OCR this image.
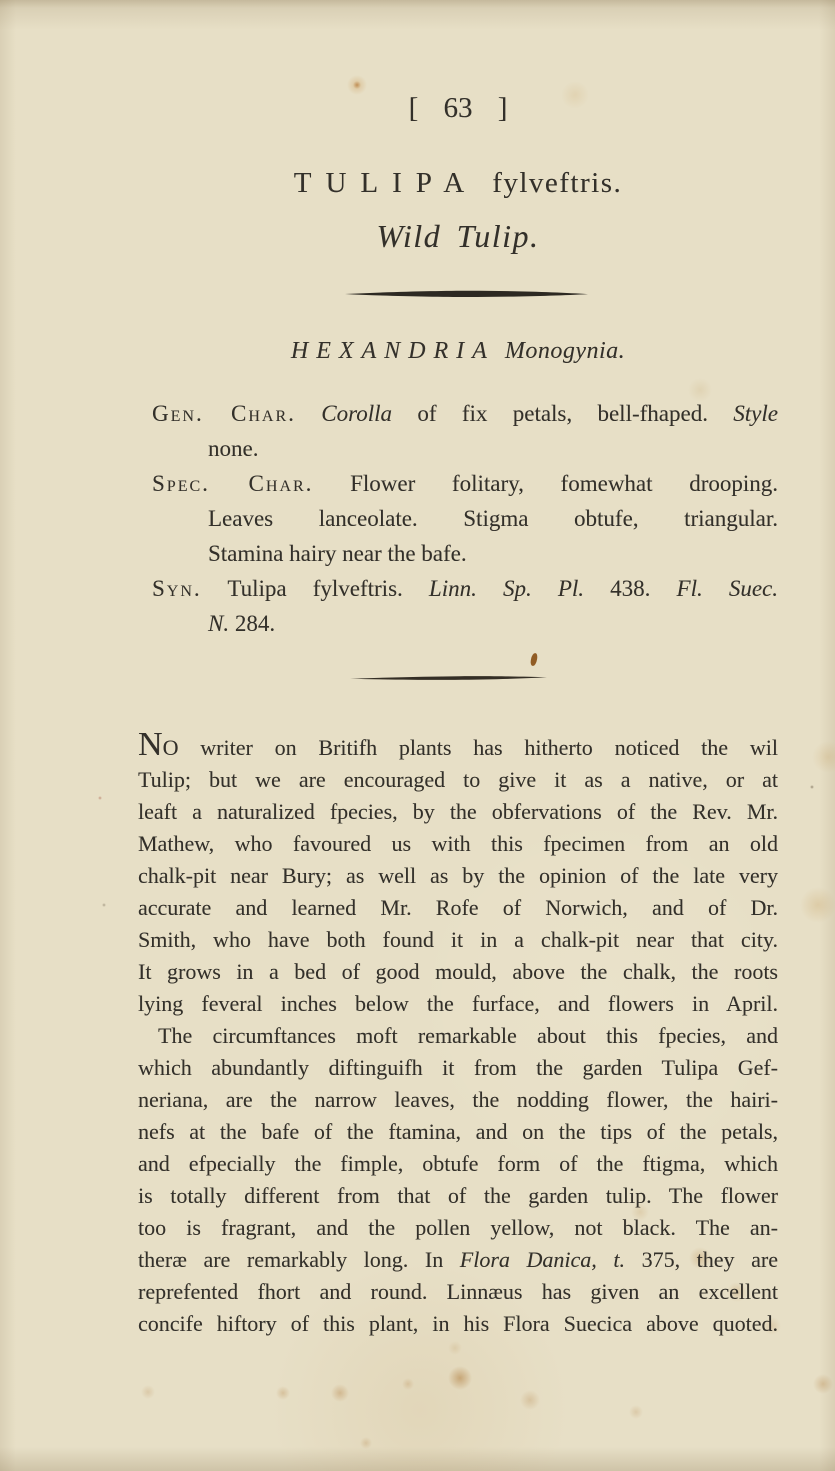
[ 63 ]
TULIPA fylveftris.
Wild Tulip.
HEXANDRIA Monogynia.
Gen. Char. Corolla of fix petals, bell-fhaped. Style
none.
Spec. Char. Flower folitary, fomewhat drooping.
Leaves lanceolate. Stigma obtufe, triangular.
Stamina hairy near the bafe.
Syn. Tulipa fylveftris. Linn. Sp. Pl. 438. Fl. Suec.
N. 284.
NO writer on Britifh plants has hitherto noticed the wil
Tulip; but we are encouraged to give it as a native, or at
leaft a naturalized fpecies, by the obfervations of the Rev. Mr.
Mathew, who favoured us with this fpecimen from an old
chalk-pit near Bury; as well as by the opinion of the late very
accurate and learned Mr. Rofe of Norwich, and of Dr.
Smith, who have both found it in a chalk-pit near that city.
It grows in a bed of good mould, above the chalk, the roots
lying feveral inches below the furface, and flowers in April.
The circumftances moft remarkable about this fpecies, and
which abundantly diftinguifh it from the garden Tulipa Gef-
neriana, are the narrow leaves, the nodding flower, the hairi-
nefs at the bafe of the ftamina, and on the tips of the petals,
and efpecially the fimple, obtufe form of the ftigma, which
is totally different from that of the garden tulip. The flower
too is fragrant, and the pollen yellow, not black. The an-
theræ are remarkably long. In Flora Danica, t. 375, they are
reprefented fhort and round. Linnæus has given an excellent
concife hiftory of this plant, in his Flora Suecica above quoted.
